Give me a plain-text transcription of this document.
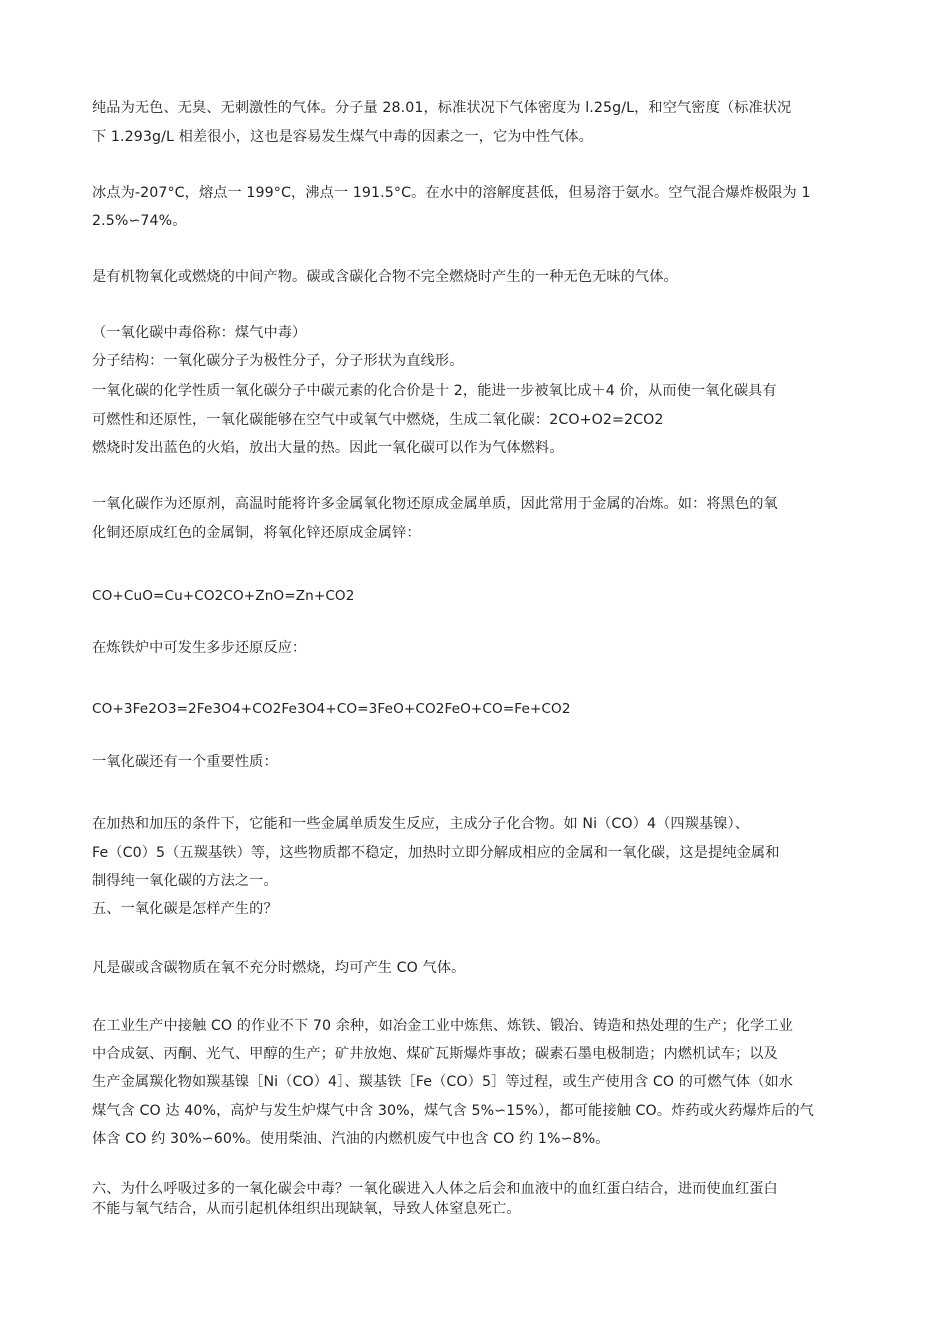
纯品为无色、无臭、无刺激性的气体。分子量 28.01，标准状况下气体密度为 l.25g/L，和空气密度（标准状况
下 1.293g/L 相差很小，这也是容易发生煤气中毒的因素之一，它为中性气体。
冰点为-207°C，熔点一 199°C，沸点一 191.5°C。在水中的溶解度甚低，但易溶于氨水。空气混合爆炸极限为 1
2.5%∽74%。
是有机物氧化或燃烧的中间产物。碳或含碳化合物不完全燃烧时产生的一种无色无味的气体。
（一氧化碳中毒俗称：煤气中毒）
分子结构：一氧化碳分子为极性分子，分子形状为直线形。
一氧化碳的化学性质一氧化碳分子中碳元素的化合价是十 2，能进一步被氧比成＋4 价，从而使一氧化碳具有
可燃性和还原性，一氧化碳能够在空气中或氧气中燃烧，生成二氧化碳：2CO+O2=2CO2
燃烧时发出蓝色的火焰，放出大量的热。因此一氧化碳可以作为气体燃料。
一氧化碳作为还原剂，高温时能将许多金属氧化物还原成金属单质，因此常用于金属的冶炼。如：将黑色的氧
化铜还原成红色的金属铜，将氧化锌还原成金属锌：
CO+CuO=Cu+CO2CO+ZnO=Zn+CO2
在炼铁炉中可发生多步还原反应：
CO+3Fe2O3=2Fe3O4+CO2Fe3O4+CO=3FeO+CO2FeO+CO=Fe+CO2
一氧化碳还有一个重要性质：
在加热和加压的条件下，它能和一些金属单质发生反应，主成分子化合物。如 Ni（CO）4（四羰基镍）、
Fe（C0）5（五羰基铁）等，这些物质都不稳定，加热时立即分解成相应的金属和一氧化碳，这是提纯金属和
制得纯一氧化碳的方法之一。
五、一氧化碳是怎样产生的？
凡是碳或含碳物质在氧不充分时燃烧，均可产生 CO 气体。
在工业生产中接触 CO 的作业不下 70 余种，如冶金工业中炼焦、炼铁、锻冶、铸造和热处理的生产；化学工业
中合成氨、丙酮、光气、甲醇的生产；矿井放炮、煤矿瓦斯爆炸事故；碳素石墨电极制造；内燃机试车；以及
生产金属羰化物如羰基镍［Ni（CO）4］、羰基铁［Fe（CO）5］等过程，或生产使用含 CO 的可燃气体（如水
煤气含 CO 达 40%，高炉与发生炉煤气中含 30%，煤气含 5%∽15%），都可能接触 CO。炸药或火药爆炸后的气
体含 CO 约 30%∽60%。使用柴油、汽油的内燃机废气中也含 CO 约 1%∽8%。
六、为什么呼吸过多的一氧化碳会中毒？一氧化碳进入人体之后会和血液中的血红蛋白结合，进而使血红蛋白
不能与氧气结合，从而引起机体组织出现缺氧，导致人体窒息死亡。
